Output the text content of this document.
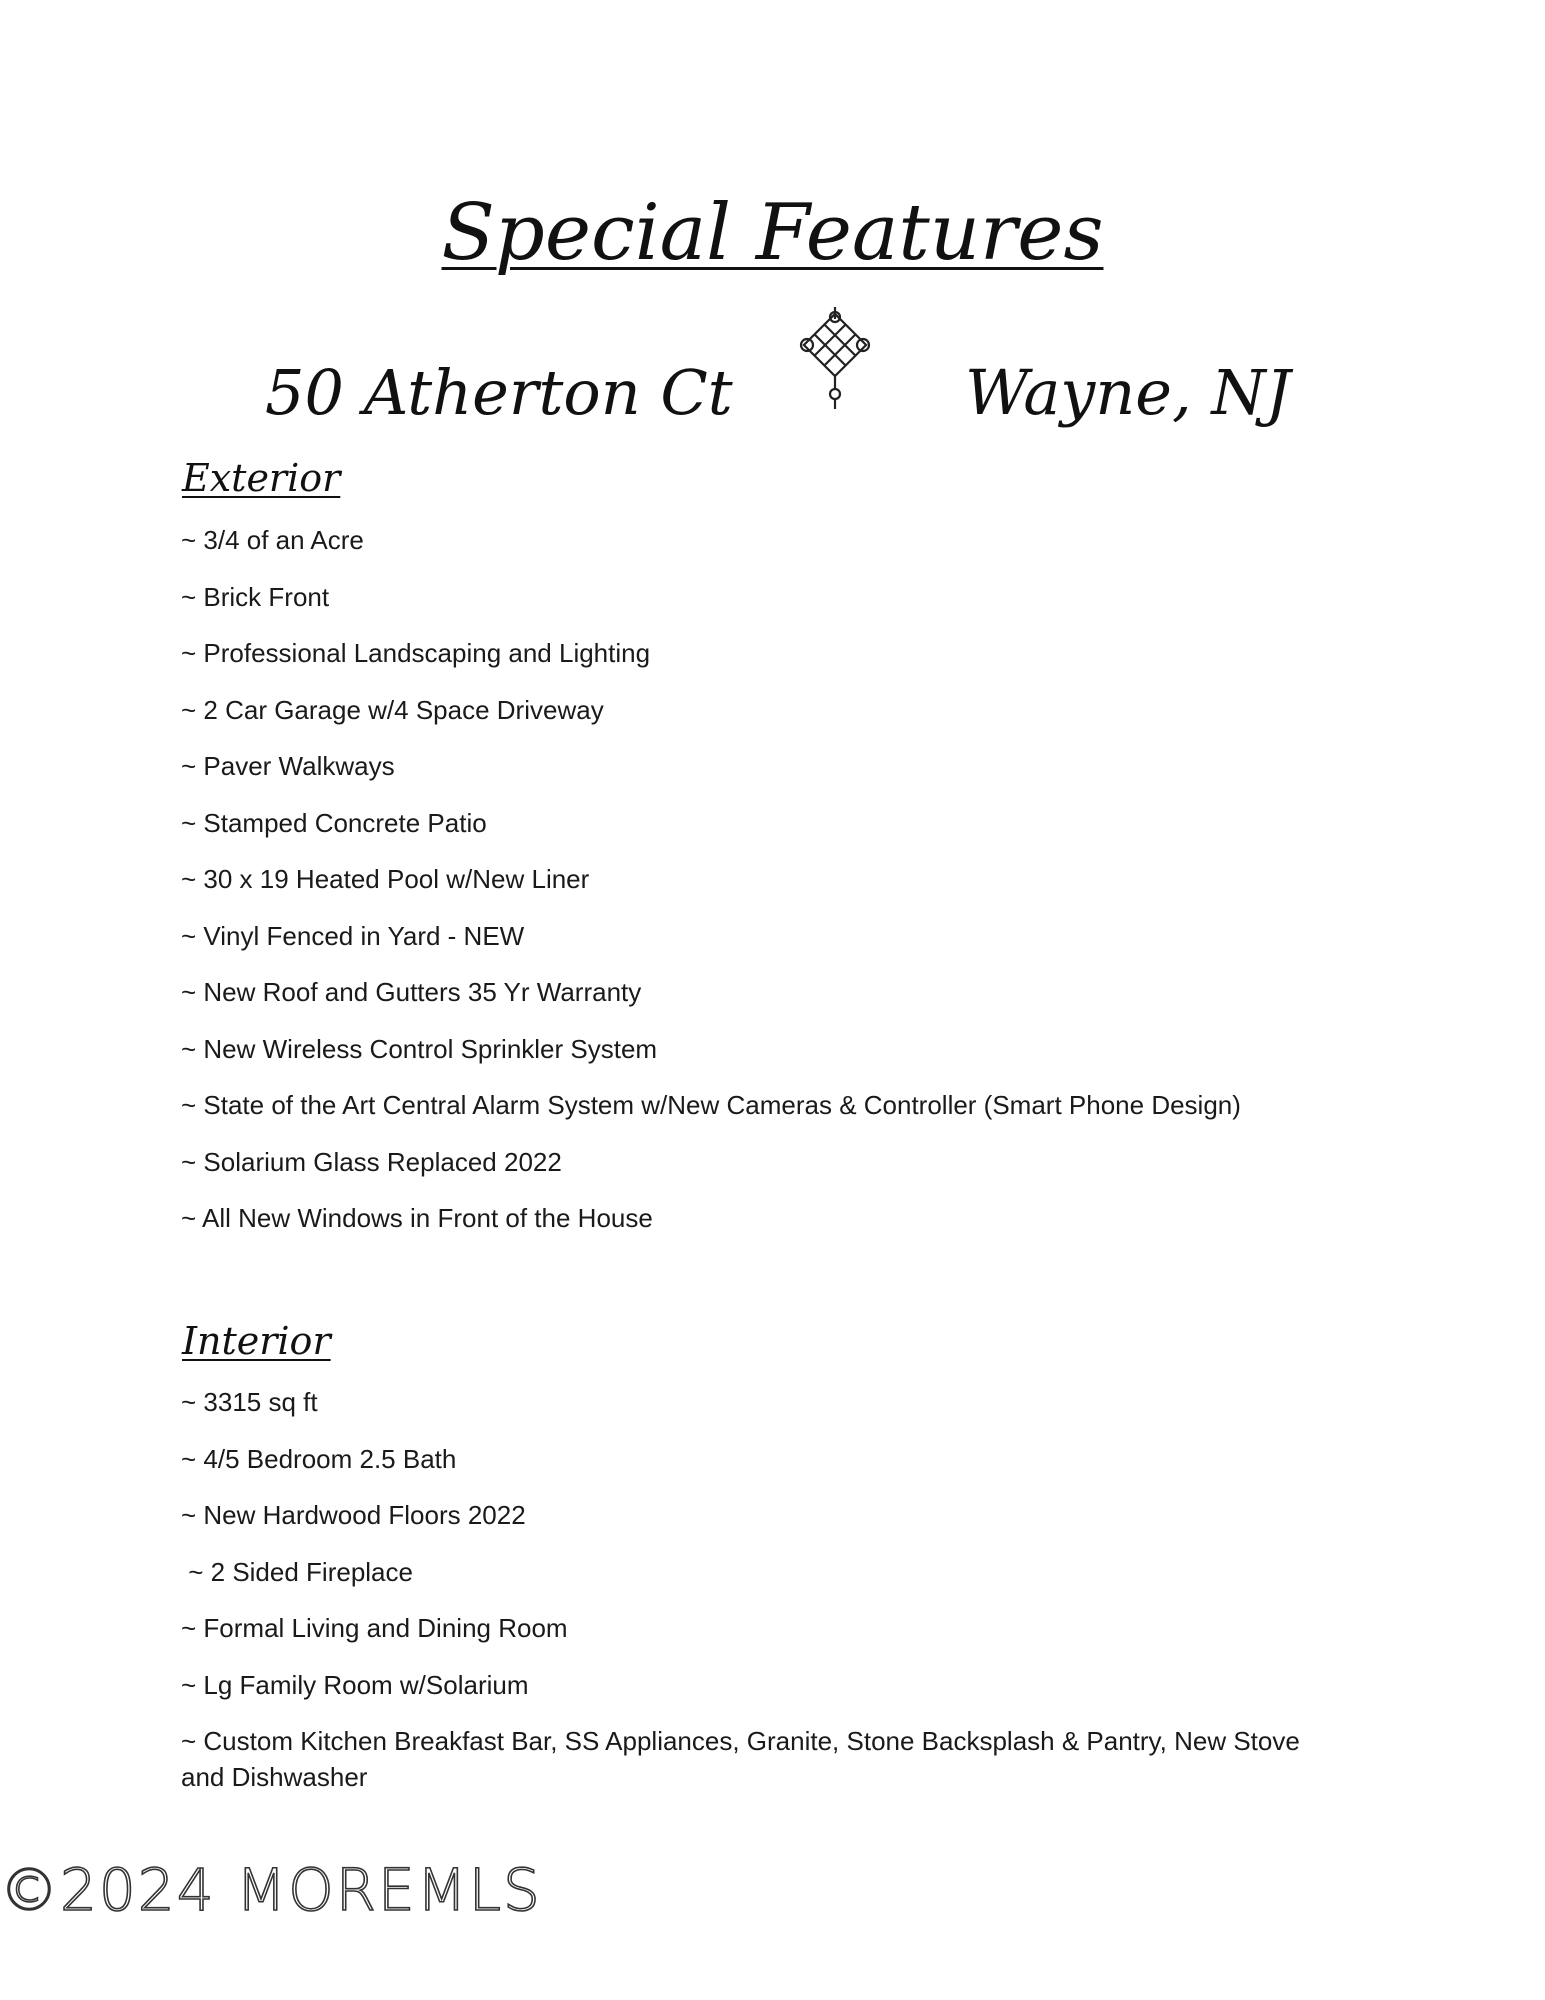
Special Features
50 Atherton Ct	Wayne, NJ
Exterior
~ 3/4 of an Acre
~ Brick Front
~ Professional Landscaping and Lighting
~ 2 Car Garage w/4 Space Driveway
~ Paver Walkways
~ Stamped Concrete Patio
~ 30 x 19 Heated Pool w/New Liner
~ Vinyl Fenced in Yard - NEW
~ New Roof and Gutters 35 Yr Warranty
~ New Wireless Control Sprinkler System
~ State of the Art Central Alarm System w/New Cameras & Controller (Smart Phone Design)
~ Solarium Glass Replaced 2022
~ All New Windows in Front of the House
Interior
~ 3315 sq ft
~ 4/5 Bedroom 2.5 Bath
~ New Hardwood Floors 2022
~ 2 Sided Fireplace
~ Formal Living and Dining Room
~ Lg Family Room w/Solarium
~ Custom Kitchen Breakfast Bar, SS Appliances, Granite, Stone Backsplash & Pantry, New Stove and Dishwasher
©2024 MOREMLS
